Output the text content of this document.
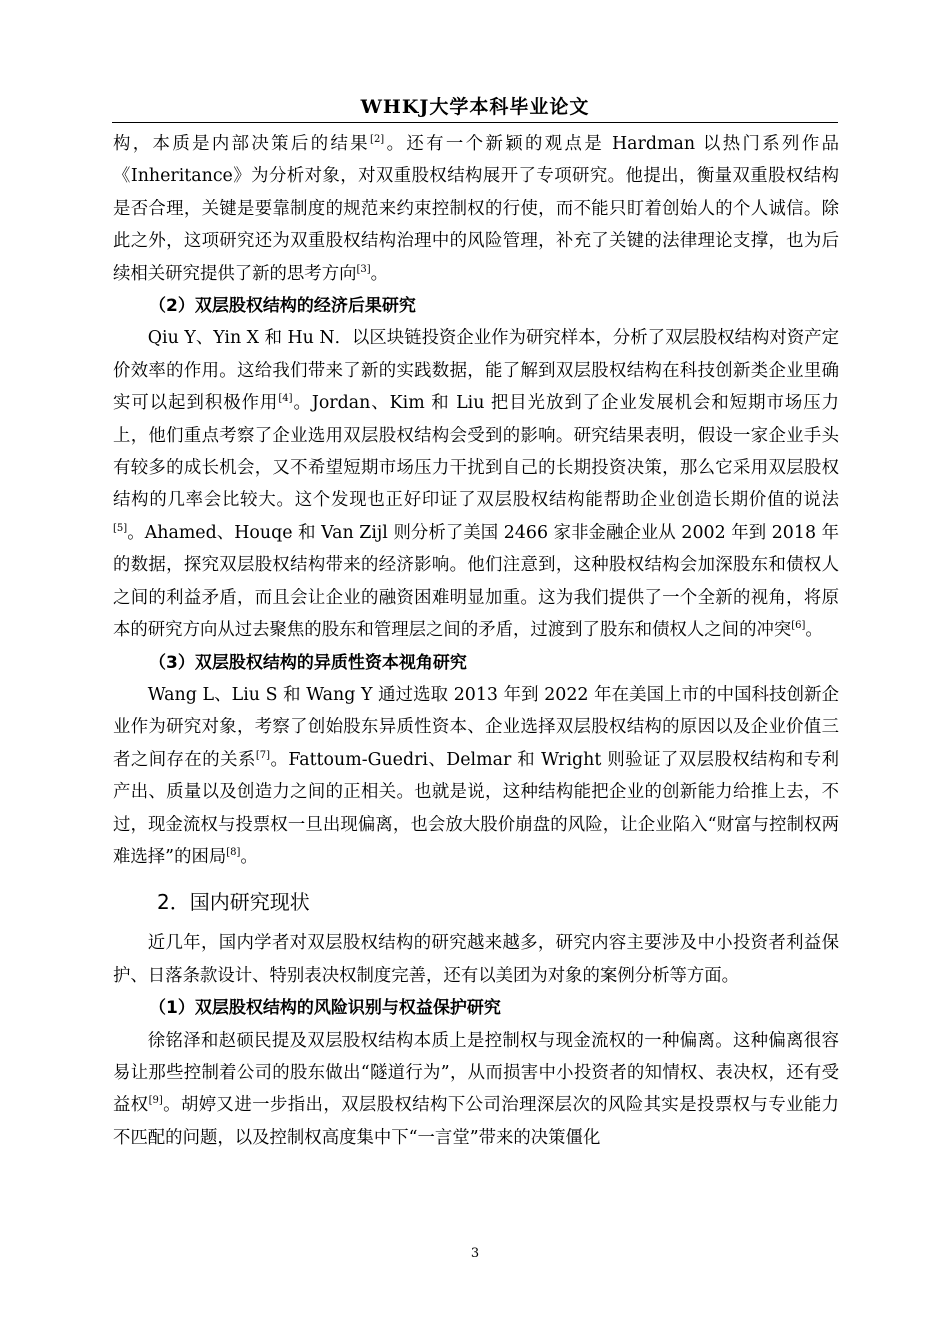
WHKJ大学本科毕业论文

构，本质是内部决策后的结果[2]。还有一个新颖的观点是 Hardman 以热门系列作品《Inheritance》为分析对象，对双重股权结构展开了专项研究。他提出，衡量双重股权结构是否合理，关键是要靠制度的规范来约束控制权的行使，而不能只盯着创始人的个人诚信。除此之外，这项研究还为双重股权结构治理中的风险管理，补充了关键的法律理论支撑，也为后续相关研究提供了新的思考方向[3]。

（2）双层股权结构的经济后果研究

Qiu Y、Yin X 和 Hu N．以区块链投资企业作为研究样本，分析了双层股权结构对资产定价效率的作用。这给我们带来了新的实践数据，能了解到双层股权结构在科技创新类企业里确实可以起到积极作用[4]。Jordan、Kim 和 Liu 把目光放到了企业发展机会和短期市场压力上，他们重点考察了企业选用双层股权结构会受到的影响。研究结果表明，假设一家企业手头有较多的成长机会，又不希望短期市场压力干扰到自己的长期投资决策，那么它采用双层股权结构的几率会比较大。这个发现也正好印证了双层股权结构能帮助企业创造长期价值的说法[5]。Ahamed、Houqe 和 Van Zijl 则分析了美国 2466 家非金融企业从 2002 年到 2018 年的数据，探究双层股权结构带来的经济影响。他们注意到，这种股权结构会加深股东和债权人之间的利益矛盾，而且会让企业的融资困难明显加重。这为我们提供了一个全新的视角，将原本的研究方向从过去聚焦的股东和管理层之间的矛盾，过渡到了股东和债权人之间的冲突[6]。

（3）双层股权结构的异质性资本视角研究

Wang L、Liu S 和 Wang Y 通过选取 2013 年到 2022 年在美国上市的中国科技创新企业作为研究对象，考察了创始股东异质性资本、企业选择双层股权结构的原因以及企业价值三者之间存在的关系[7]。Fattoum-Guedri、Delmar 和 Wright 则验证了双层股权结构和专利产出、质量以及创造力之间的正相关。也就是说，这种结构能把企业的创新能力给推上去，不过，现金流权与投票权一旦出现偏离，也会放大股价崩盘的风险，让企业陷入“财富与控制权两难选择”的困局[8]。

2．国内研究现状

近几年，国内学者对双层股权结构的研究越来越多，研究内容主要涉及中小投资者利益保护、日落条款设计、特别表决权制度完善，还有以美团为对象的案例分析等方面。

（1）双层股权结构的风险识别与权益保护研究

徐铭泽和赵硕民提及双层股权结构本质上是控制权与现金流权的一种偏离。这种偏离很容易让那些控制着公司的股东做出“隧道行为”，从而损害中小投资者的知情权、表决权，还有受益权[9]。胡婷又进一步指出，双层股权结构下公司治理深层次的风险其实是投票权与专业能力不匹配的问题，以及控制权高度集中下“一言堂”带来的决策僵化

3
